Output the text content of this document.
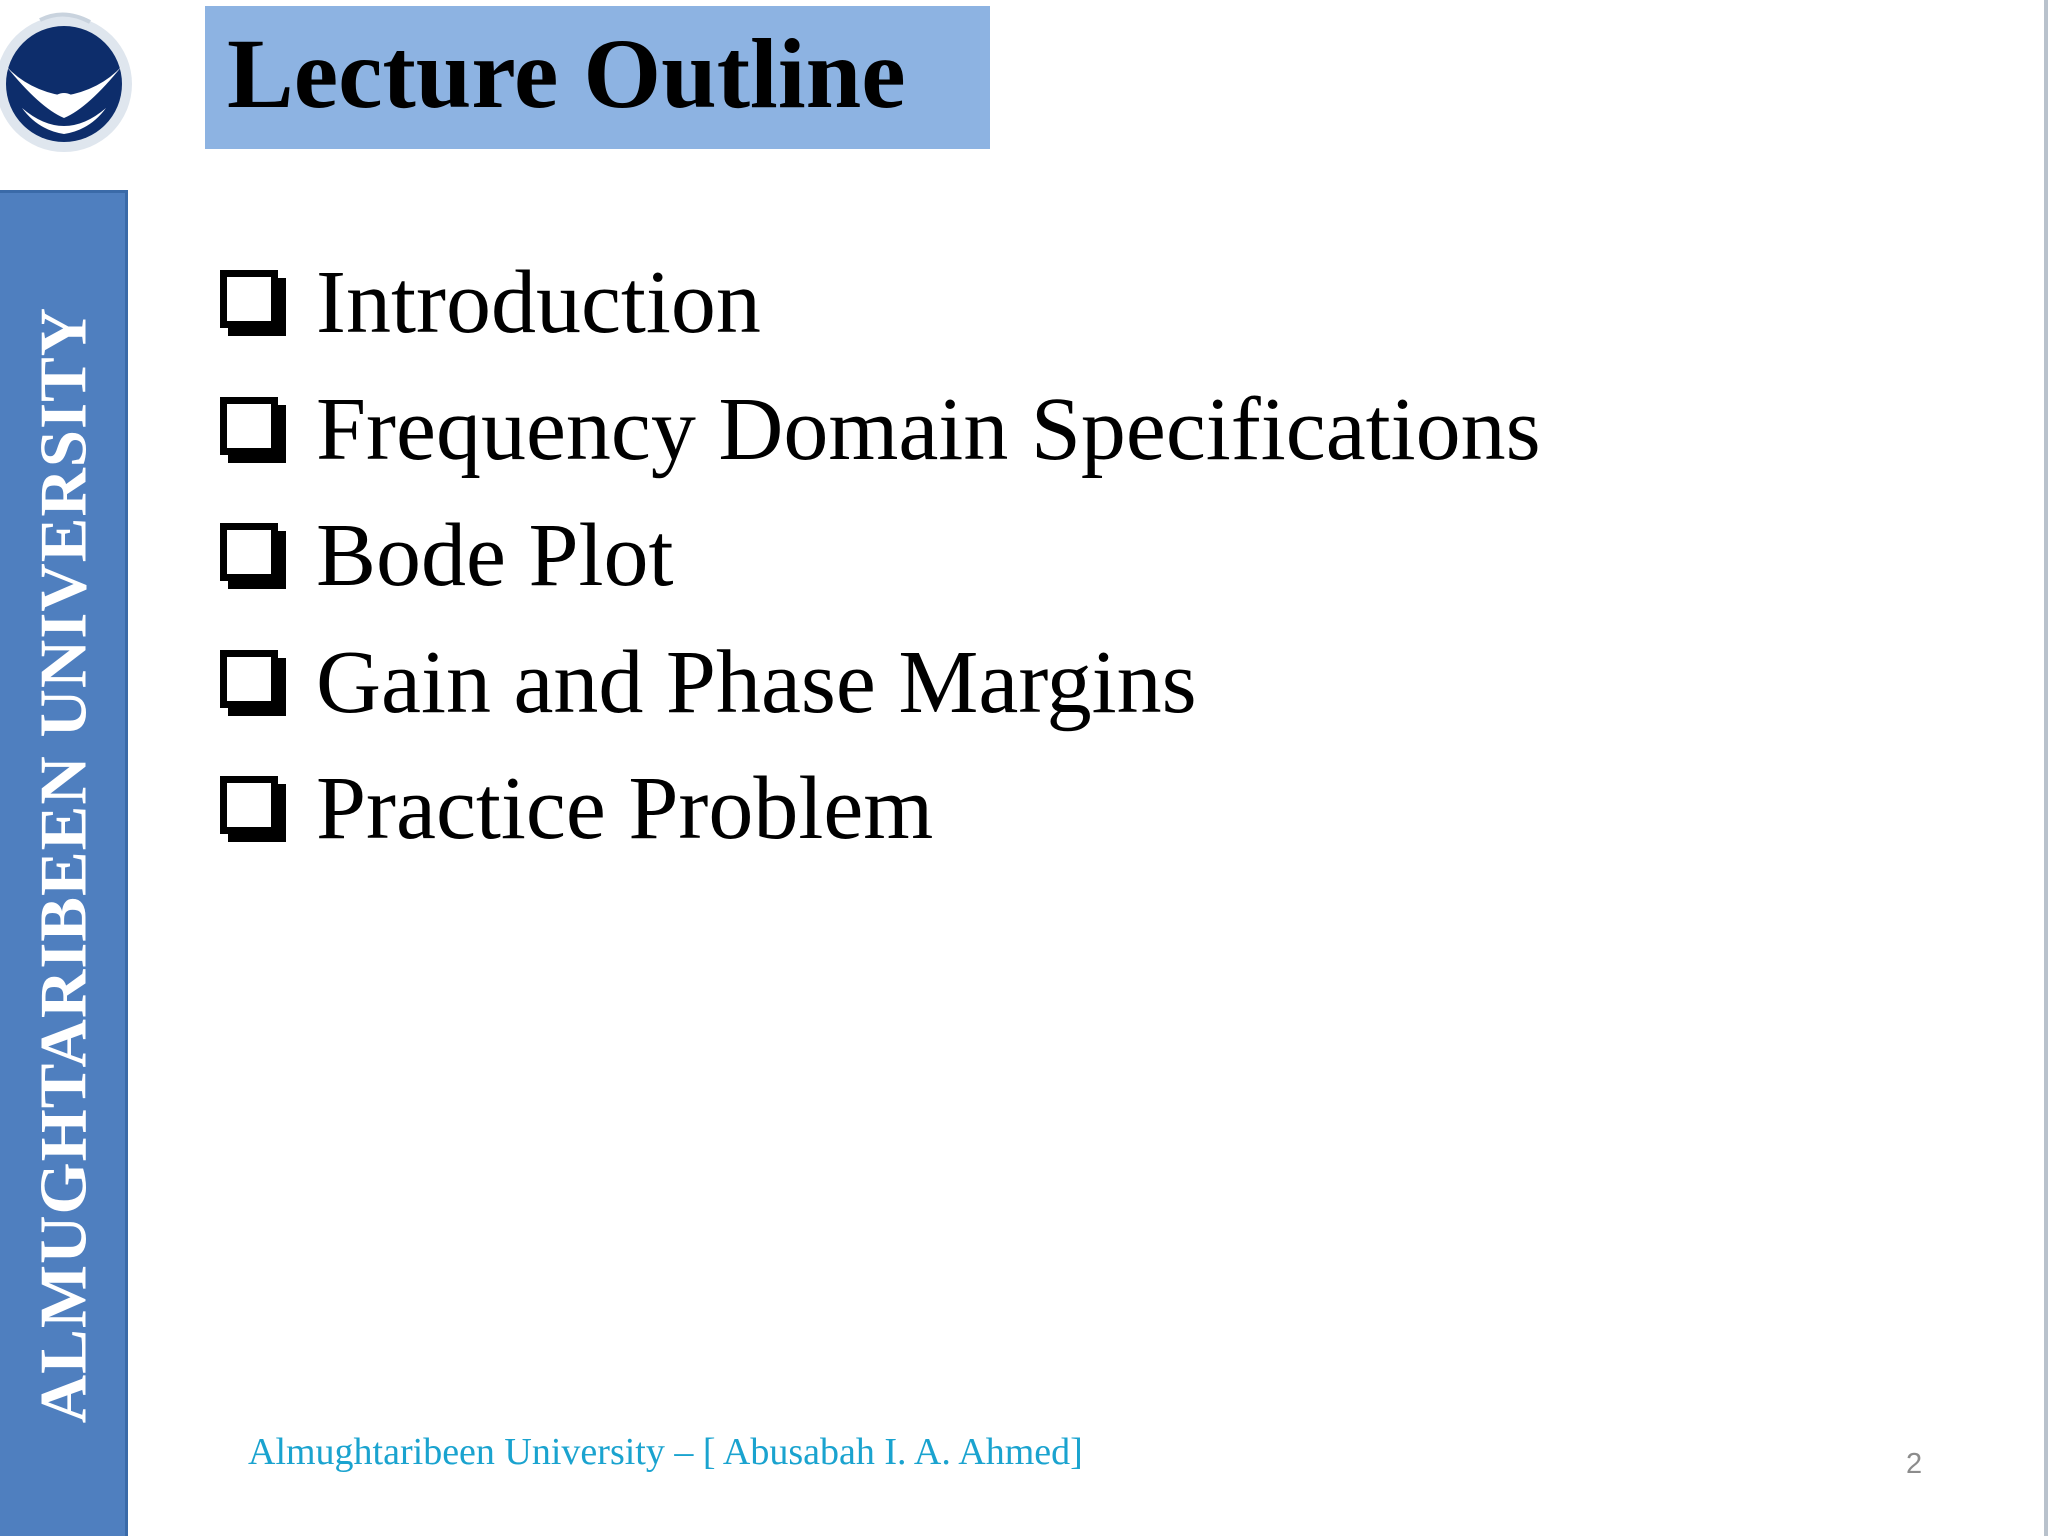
ALMUGHTARIBEEN UNIVERSITY
Lecture Outline
Introduction
Frequency Domain Specifications
Bode Plot
Gain and Phase Margins
Practice Problem
Almughtaribeen University – [ Abusabah I. A. Ahmed]	2
